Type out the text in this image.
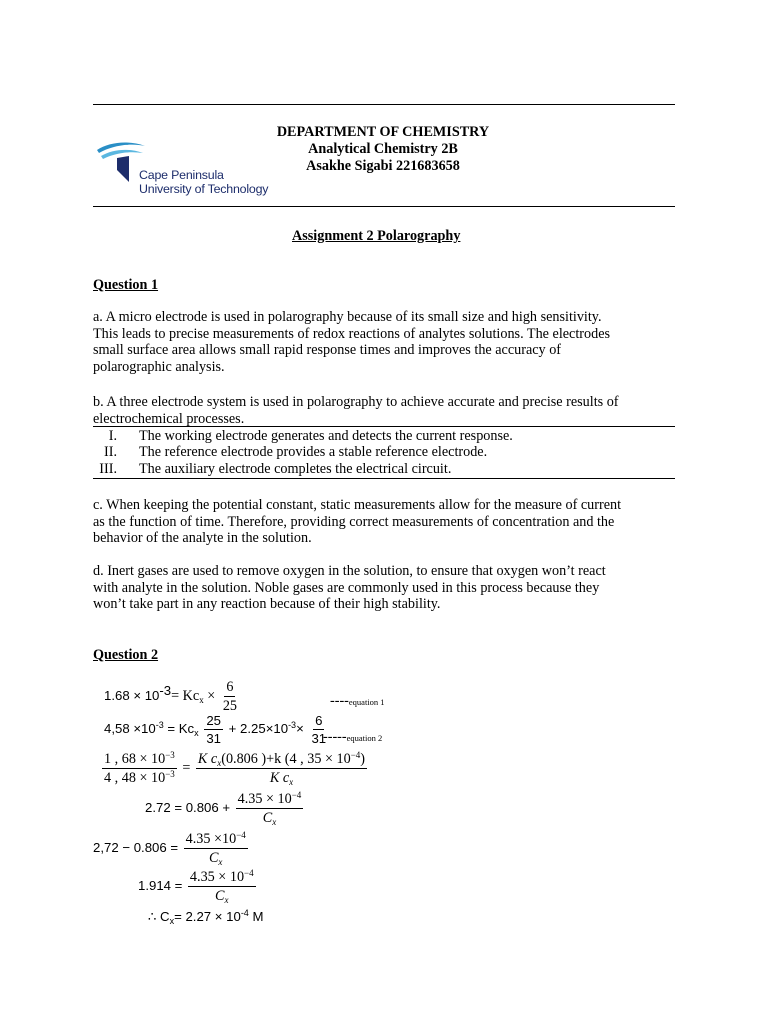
Cape Peninsula
University of Technology
DEPARTMENT OF CHEMISTRY
Analytical Chemistry 2B
Asakhe Sigabi 221683658
Assignment 2 Polarography
Question 1
a. A micro electrode is used in polarography because of its small size and high sensitivity.
This leads to precise measurements of redox reactions of analytes solutions. The electrodes
small surface area allows small rapid response times and improves the accuracy of
polarographic analysis.
b. A three electrode system is used in polarography to achieve accurate and precise results of
electrochemical processes.
I. The working electrode generates and detects the current response.
II. The reference electrode provides a stable reference electrode.
III. The auxiliary electrode completes the electrical circuit.
c. When keeping the potential constant, static measurements allow for the measure of current
as the function of time. Therefore, providing correct measurements of concentration and the
behavior of the analyte in the solution.
d. Inert gases are used to remove oxygen in the solution, to ensure that oxygen won’t react
with analyte in the solution. Noble gases are commonly used in this process because they
won’t take part in any reaction because of their high stability.
Question 2
$1.68 \times 10^{-3}= Kc_x \times \frac{6}{25}$	----equation 1
$4,58 \times 10^{-3} = Kc_x \frac{25}{31} + 2.25\times 10^{-3}\times \frac{6}{31}$
-----equation 2
$\frac{1 , 68 \times 10^{-3}}{4 , 48 \times 10^{-3}} = \frac{K c_x(0.806 )+k (4 , 35 \times 10^{-4})}{K c_x}$
$2.72 = 0.806 + \frac{4.35 \times 10^{-4}}{C_x}$
$2,72 - 0.806 = \frac{4.35 \times 10^{-4}}{C_x}$
$1.914 = \frac{4.35 \times 10^{-4}}{C_x}$
∴ $C_x= 2.27 \times 10^{-4}$ M
